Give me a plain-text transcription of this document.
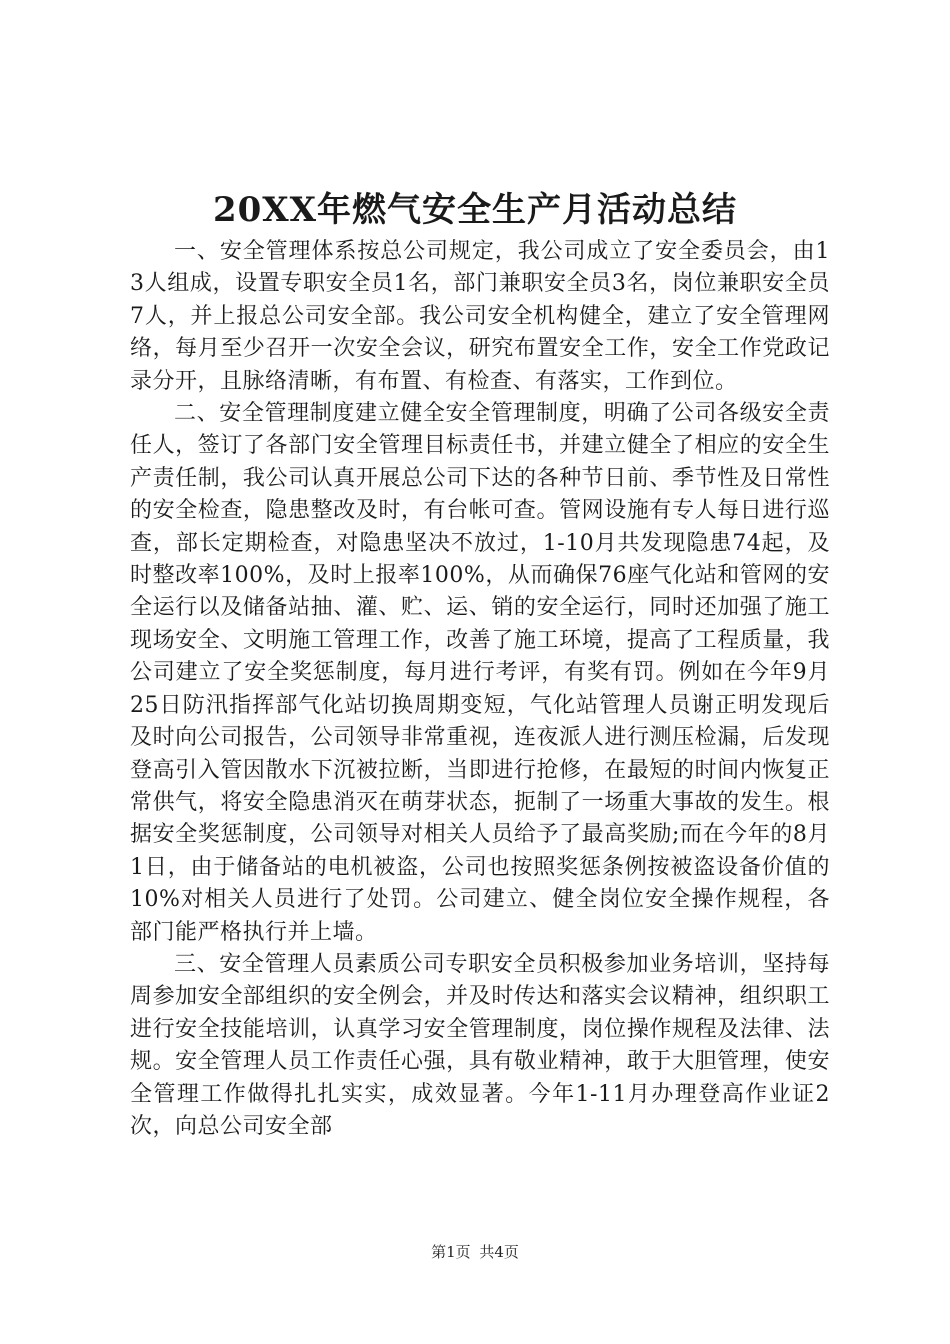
20XX年燃气安全生产月活动总结

一、安全管理体系按总公司规定，我公司成立了安全委员会，由13人组成，设置专职安全员1名，部门兼职安全员3名，岗位兼职安全员7人，并上报总公司安全部。我公司安全机构健全，建立了安全管理网络，每月至少召开一次安全会议，研究布置安全工作，安全工作党政记录分开，且脉络清晰，有布置、有检查、有落实，工作到位。

二、安全管理制度建立健全安全管理制度，明确了公司各级安全责任人，签订了各部门安全管理目标责任书，并建立健全了相应的安全生产责任制，我公司认真开展总公司下达的各种节日前、季节性及日常性的安全检查，隐患整改及时，有台帐可查。管网设施有专人每日进行巡查，部长定期检查，对隐患坚决不放过，1-10月共发现隐患74起，及时整改率100%，及时上报率100%，从而确保76座气化站和管网的安全运行以及储备站抽、灌、贮、运、销的安全运行，同时还加强了施工现场安全、文明施工管理工作，改善了施工环境，提高了工程质量，我公司建立了安全奖惩制度，每月进行考评，有奖有罚。例如在今年9月25日防汛指挥部气化站切换周期变短，气化站管理人员谢正明发现后及时向公司报告，公司领导非常重视，连夜派人进行测压检漏，后发现登高引入管因散水下沉被拉断，当即进行抢修，在最短的时间内恢复正常供气，将安全隐患消灭在萌芽状态，扼制了一场重大事故的发生。根据安全奖惩制度，公司领导对相关人员给予了最高奖励;而在今年的8月1日，由于储备站的电机被盗，公司也按照奖惩条例按被盗设备价值的10%对相关人员进行了处罚。公司建立、健全岗位安全操作规程，各部门能严格执行并上墙。

三、安全管理人员素质公司专职安全员积极参加业务培训，坚持每周参加安全部组织的安全例会，并及时传达和落实会议精神，组织职工进行安全技能培训，认真学习安全管理制度，岗位操作规程及法律、法规。安全管理人员工作责任心强，具有敬业精神，敢于大胆管理，使安全管理工作做得扎扎实实，成效显著。今年1-11月办理登高作业证2次，向总公司安全部

第1页 共4页
